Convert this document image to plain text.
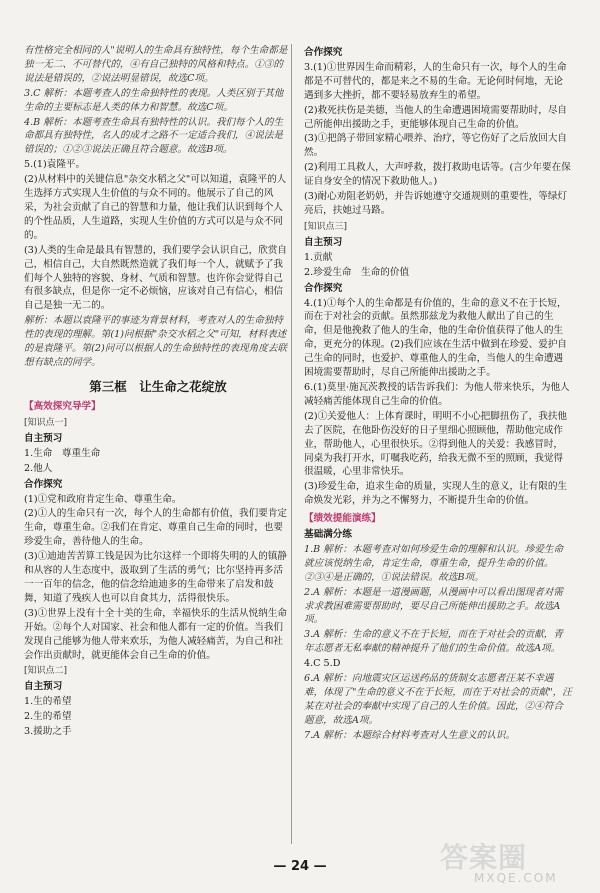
有性格完全相同的人"说明人的生命具有独特性，每个生命都是独一无二、不可替代的，④有自己独特的风格和特点。①③的说法是错误的，②说法明显错误，故选C项。

3.C 解析：本题考查人的生命独特性的表现。人类区别于其他生命的主要标志是人类的体力和智慧。故选C项。

4.B 解析：本题考查生命具有独特性的认识。我们每个人的生命都具有独特性，名人的成才之路不一定适合我们，④说法是错误的；①②③说法正确且符合题意。故选B项。

5.(1)袁隆平。

(2)从材料中的关键信息"杂交水稻之父"可以知道，袁隆平的人生选择方式实现人生价值的与众不同的。他展示了自己的风采，为社会贡献了自己的智慧和力量，他让我们认识到每个人的个性品质，人生道路，实现人生价值的方式可以是与众不同的。

(3)人类的生命是最具有智慧的，我们要学会认识自己，欣赏自己，相信自己，大自然既然造就了我们每一个人，就赋予了我们每个人独特的容貌、身材、气质和智慧。也许你会觉得自己有很多缺点，但是你一定不必烦恼，应该对自己有信心，相信自己是独一无二的。

解析：本题以袁隆平的事迹为背景材料，考查对人的生命独特性的表现的理解。第(1)问根据"杂交水稻之父"可知，材料表述的是袁隆平。第(2)问可以根据人的生命独特性的表现角度去联想有缺点的同学。

第三框　让生命之花绽放
【高效探究导学】
[知识点一]
自主预习

1.生命　尊重生命

2.他人

合作探究

(1)①党和政府肯定生命、尊重生命。

(2)①人的生命只有一次，每个人的生命都有价值，我们要肯定生命，尊重生命。②我们在肯定、尊重自己生命的同时，也要珍爱生命，善待他人的生命。

(3)①迪迪苦苦算工钱是因为比尔这样一个即将失明的人的镇静和从容的人生态度中，汲取到了生活的勇气；比尔坚持再多活一一百年的信念，他的信念给迪迪多的生命带来了启发和鼓舞，知道了残疾人也可以自食其力，活得很快乐。

(3)①世界上没有十全十美的生命，幸福快乐的生活从悦纳生命开始。②每个人对国家、社会和他人都有一定的价值。当我们发现自己能够为他人带来欢乐，为他人减轻痛苦，为自己和社会作出贡献时，就更能体会自己生命的价值。

[知识点二]
自主预习

1.生的希望

2.生的希望

3.援助之手

合作探究

3.(1)①世界因生命而精彩，人的生命只有一次，每个人的生命都是不可替代的，都是来之不易的生命。无论何时何地，无论遇到多大挫折，都不要轻易放弃生的希望。

(2)救死扶伤是美德，当他人的生命遭遇困境需要帮助时，尽自己所能伸出援助之手，更能够体现自己生命的价值。

(3)①把鸽子带回家精心喂养、治疗，等它伤好了之后放回大自然。

(2)利用工具救人，大声呼救，拨打救助电话等。(言少年要在保证自身安全的情况下救助他人。)

(3)耐心劝阻老奶奶，并告诉她遵守交通规则的重要性，等绿灯亮后，扶她过马路。

[知识点三]
自主预习

1.贡献

2.珍爱生命　生命的价值

合作探究

4.(1)①每个人的生命都是有价值的，生命的意义不在于长短，而在于对社会的贡献。虽然那兹龙为救他人献出了自己的生命，但是他挽救了他人的生命，他的生命价值获得了他人的生命，更充分的体现。(2)我们应该在生活中做到在珍爱、爱护自己生命的同时，也爱护、尊重他人的生命，当他人的生命遭遇困境需要帮助时，尽自己所能伸出援助之手。

6.(1)莫里·施瓦茨教授的话告诉我们：为他人带来快乐，为他人减轻痛苦能体现自己生命的价值。

(2)①关爱他人：上体育课时，明明不小心把脚扭伤了，我扶他去了医院，在他卧伤没好的日子里细心照顾他，帮助他完成作业，帮助他人，心里很快乐。②得到他人的关爱：我感冒时，同桌为我打开水，叮嘱我吃药，给我无微不至的照顾，我觉得很温暖，心里非常快乐。

(3)珍爱生命，追求生命的质量，实现人生的意义，让有限的生命焕发光彩，并为之不懈努力，不断提升生命的价值。

【绩效提能演练】
基础满分练

1.B 解析：本题考查对如何珍爱生命的理解和认识。珍爱生命就应该悦纳生命，肯定生命，尊重生命，提升生命的价值。②③④是正确的，①说法错误。故选B项。

2.A 解析：本题是一道漫画题，从漫画中可以看出图现者对需求求教困难需要帮助时，要尽自己所能伸出援助之手。故选A项。

3.A 解析：生命的意义不在于长短，而在于对社会的贡献，青年志愿者无私奉献的精神提升了他们的生命价值。故选A项。

4.C 5.D

6.A 解析：向地震灾区运送药品的货制女志愿者汪某不幸遇难，体现了"生命的意义不在于长短，而在于对社会的贡献"，汪某在对社会的奉献中实现了自己的人生价值。因此，②④符合题意，故选A项。

7.A 解析：本题综合材料考查对人生意义的认识。

— 24 —	答案圈
MXQE.COM
